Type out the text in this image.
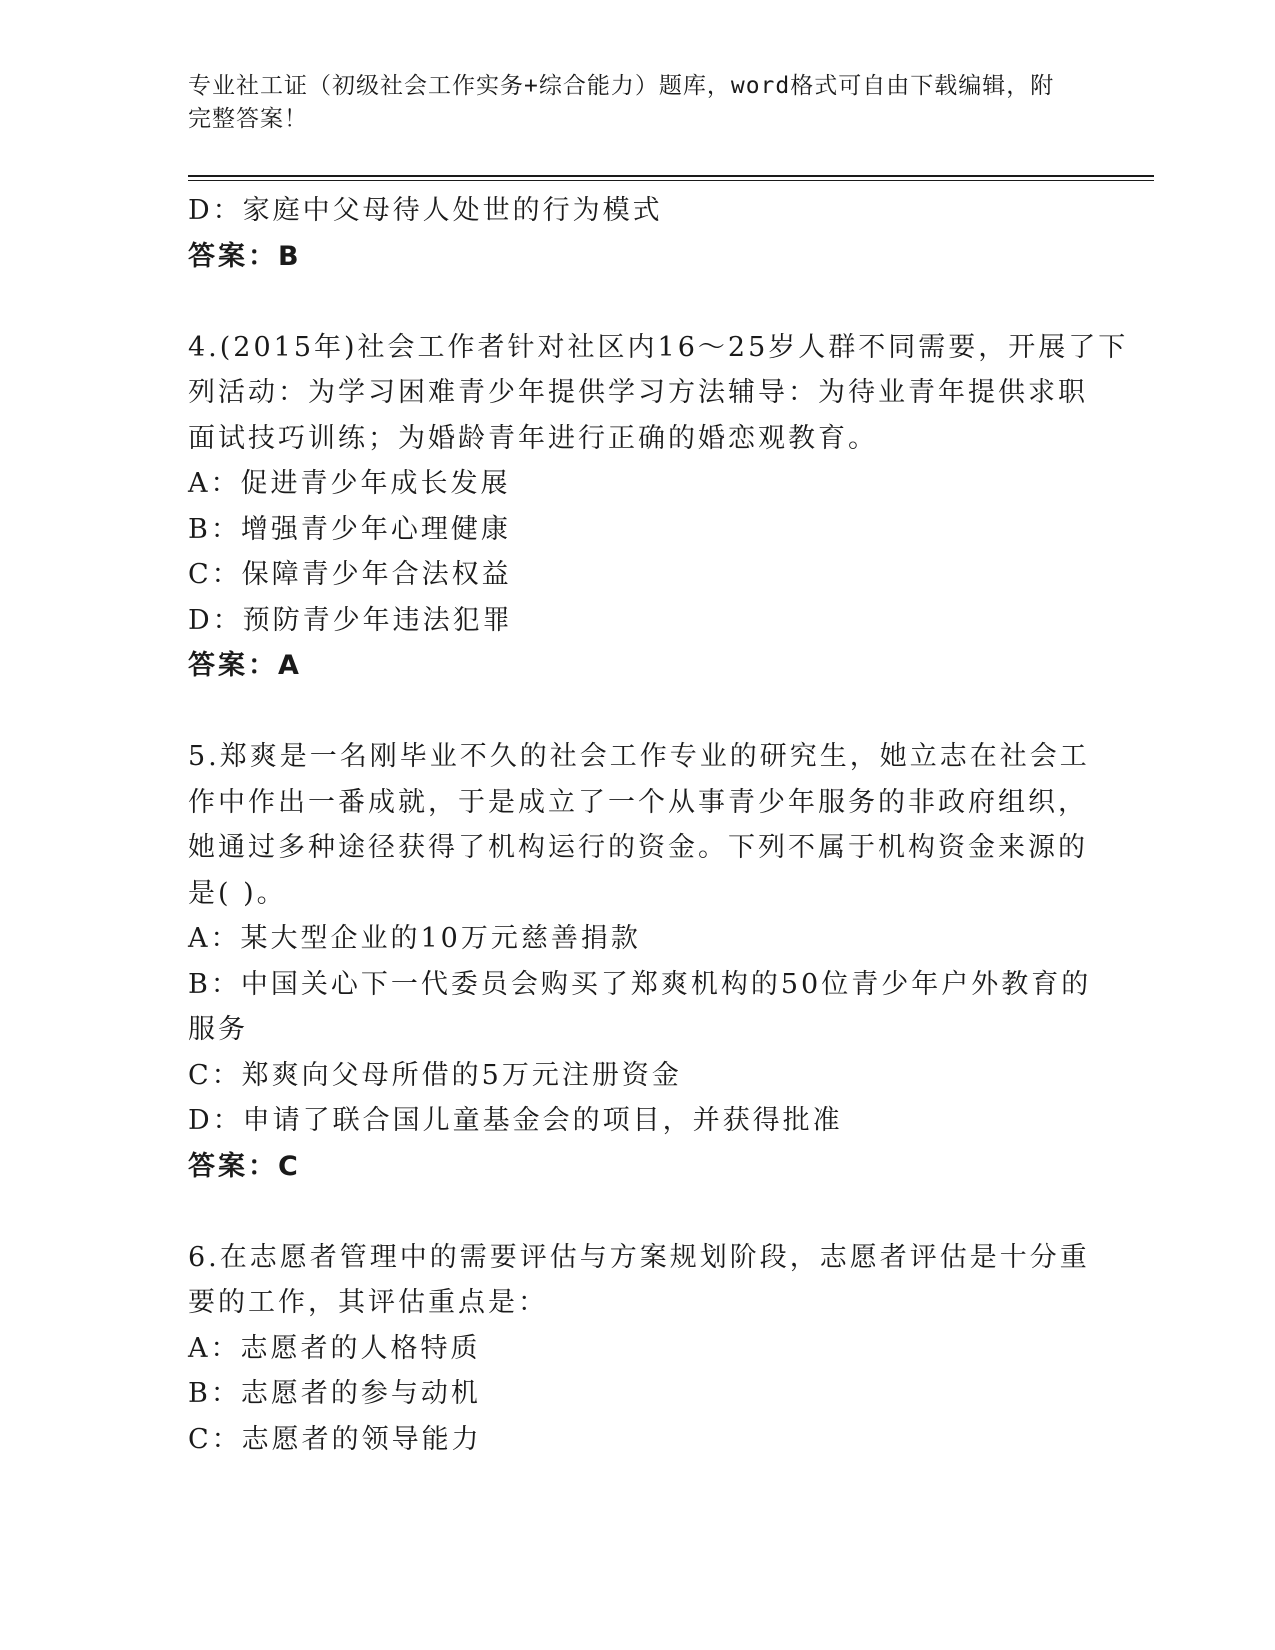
专业社工证（初级社会工作实务+综合能力）题库，word格式可自由下载编辑，附
完整答案！
D：家庭中父母待人处世的行为模式
答案：B
4.(2015年)社会工作者针对社区内16～25岁人群不同需要，开展了下
列活动：为学习困难青少年提供学习方法辅导：为待业青年提供求职
面试技巧训练；为婚龄青年进行正确的婚恋观教育。
A：促进青少年成长发展
B：增强青少年心理健康
C：保障青少年合法权益
D：预防青少年违法犯罪
答案：A
5.郑爽是一名刚毕业不久的社会工作专业的研究生，她立志在社会工
作中作出一番成就，于是成立了一个从事青少年服务的非政府组织，
她通过多种途径获得了机构运行的资金。下列不属于机构资金来源的
是( )。
A：某大型企业的10万元慈善捐款
B：中国关心下一代委员会购买了郑爽机构的50位青少年户外教育的
服务
C：郑爽向父母所借的5万元注册资金
D：申请了联合国儿童基金会的项目，并获得批准
答案：C
6.在志愿者管理中的需要评估与方案规划阶段，志愿者评估是十分重
要的工作，其评估重点是：
A：志愿者的人格特质
B：志愿者的参与动机
C：志愿者的领导能力
